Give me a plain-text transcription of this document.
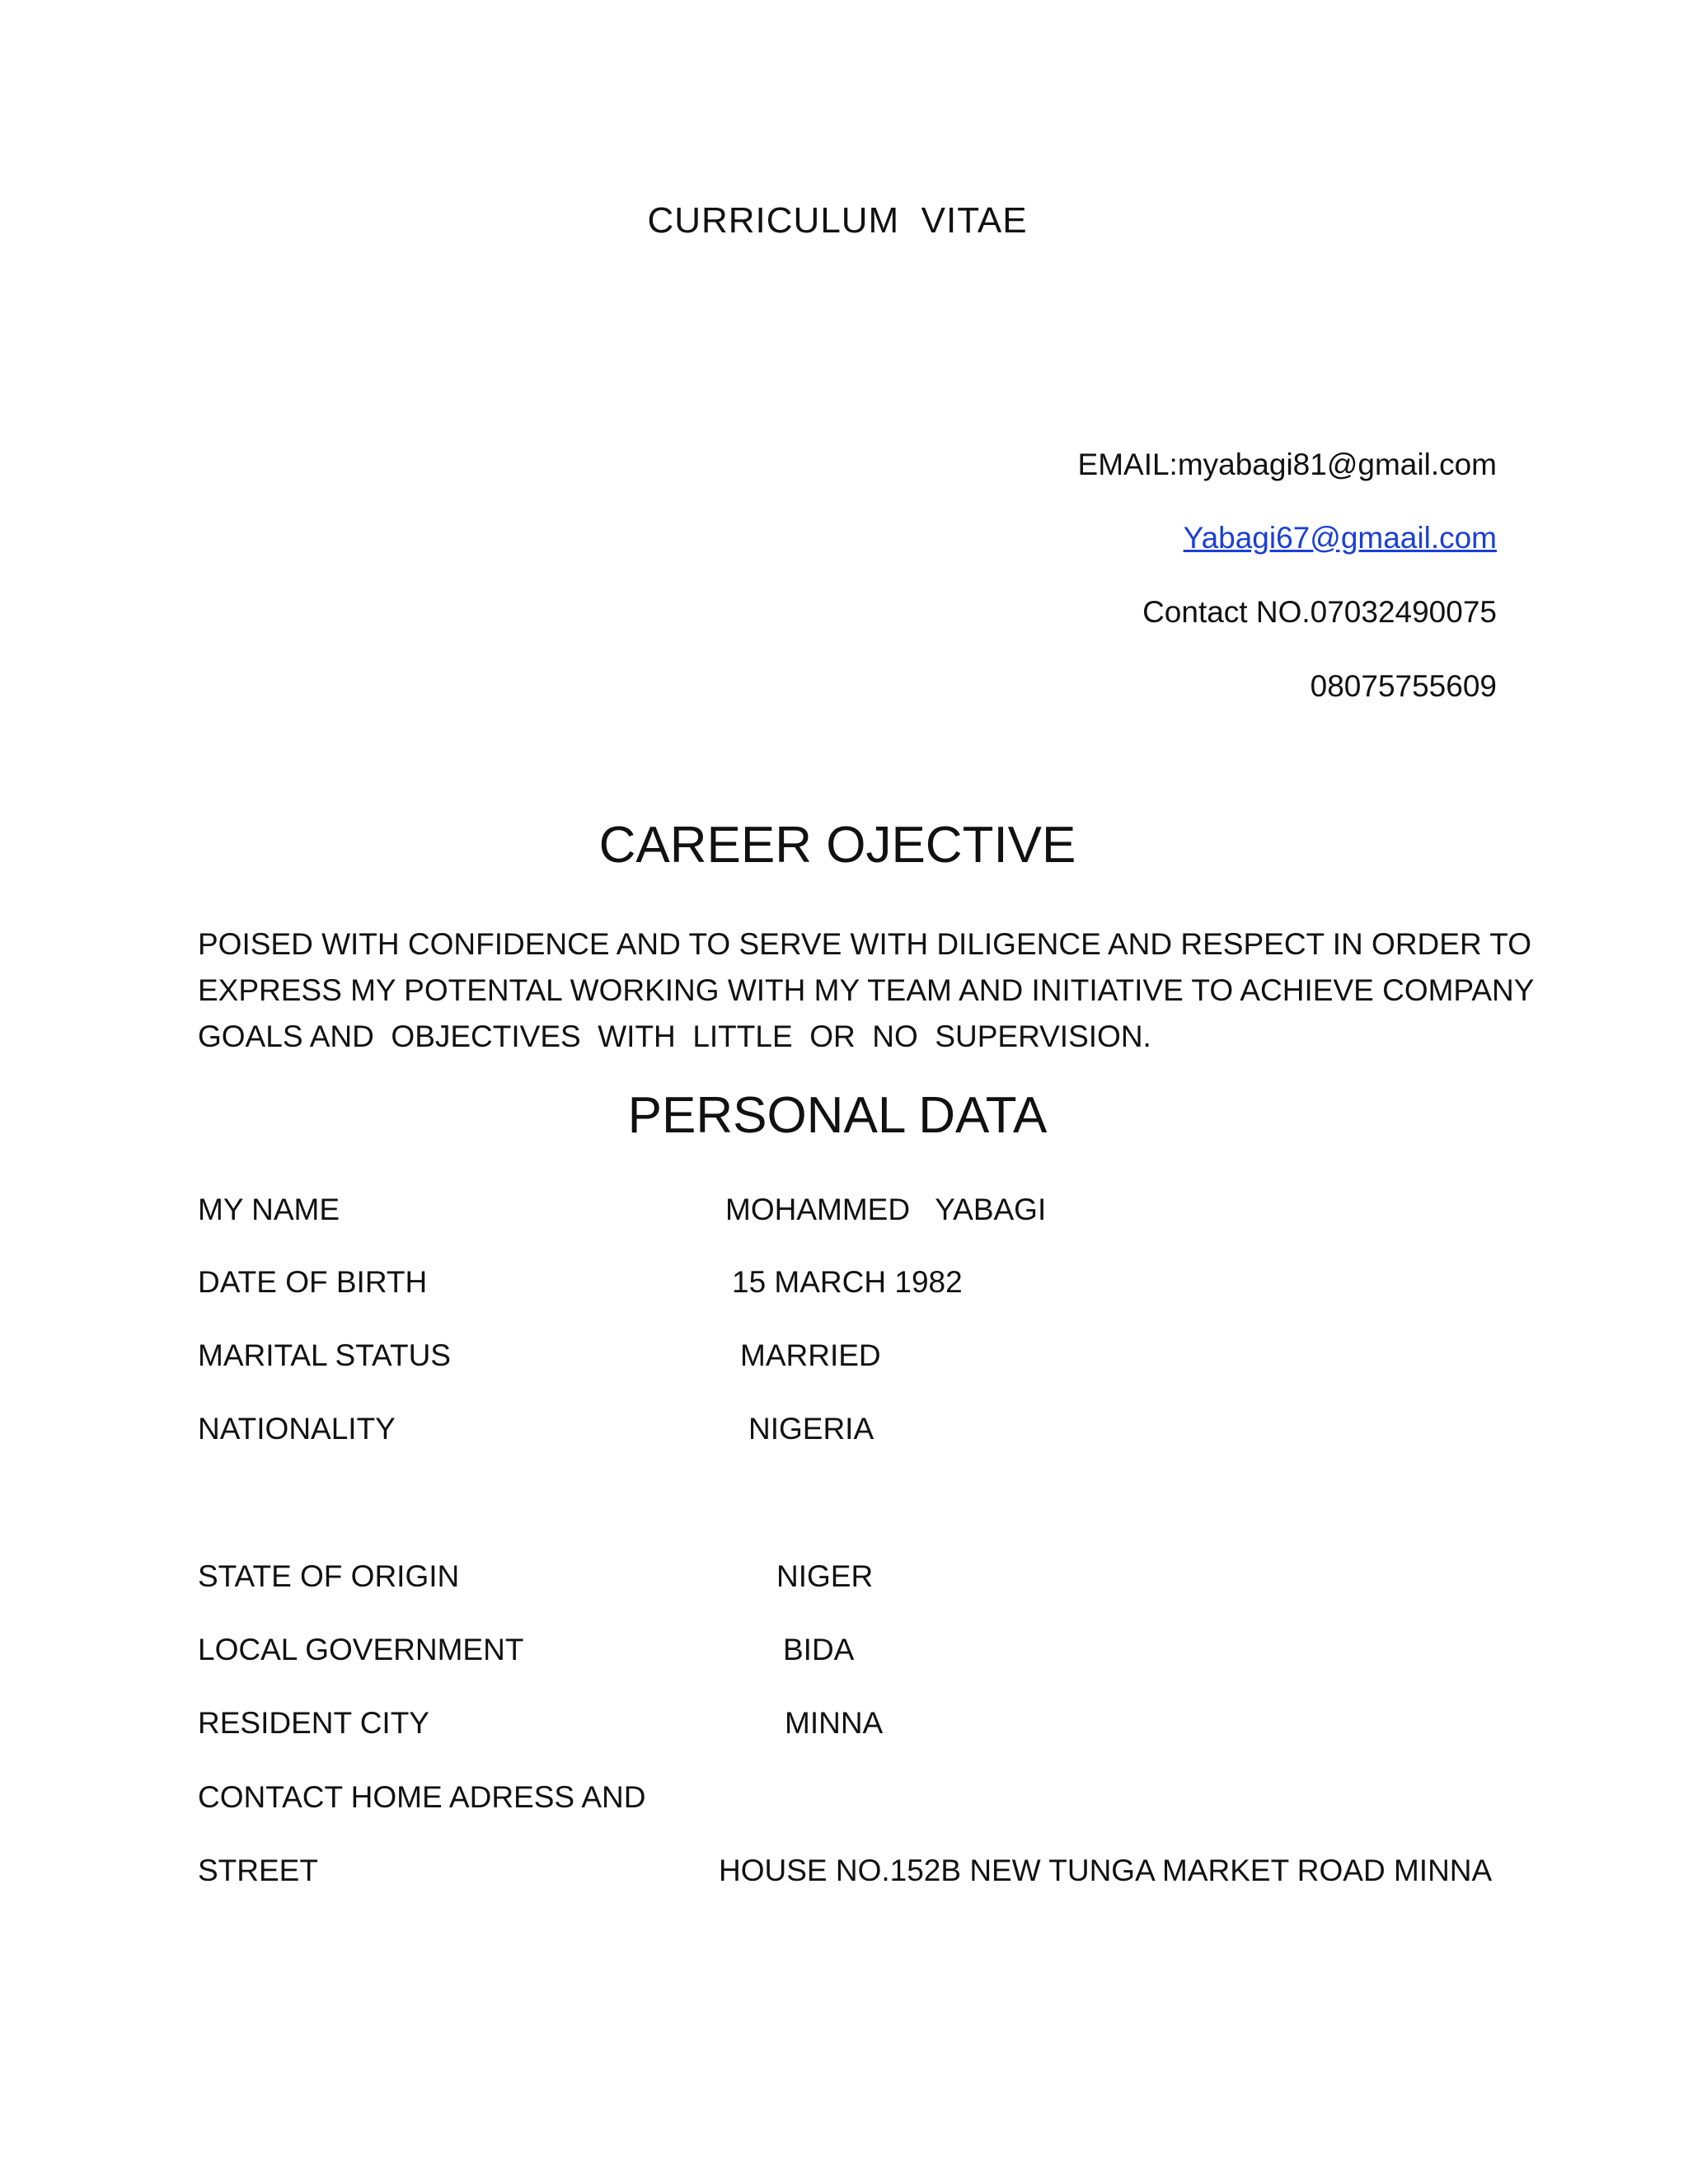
CURRICULUM  VITAE
EMAIL:myabagi81@gmail.com
Yabagi67@gmaail.com
Contact NO.07032490075
08075755609
CAREER OJECTIVE
POISED WITH CONFIDENCE AND TO SERVE WITH DILIGENCE AND RESPECT IN ORDER TO
EXPRESS MY POTENTAL WORKING WITH MY TEAM AND INITIATIVE TO ACHIEVE COMPANY
GOALS AND  OBJECTIVES  WITH  LITTLE  OR  NO  SUPERVISION.
PERSONAL DATA

MY NAME

	MOHAMMED   YABAGI

DATE OF BIRTH

	15 MARCH 1982

MARITAL STATUS

	MARRIED

NATIONALITY

	NIGERIA

STATE OF ORIGIN

	NIGER

LOCAL GOVERNMENT

	BIDA

RESIDENT CITY

	MINNA

CONTACT HOME ADRESS AND

STREET

	HOUSE NO.152B NEW TUNGA MARKET ROAD MINNA
